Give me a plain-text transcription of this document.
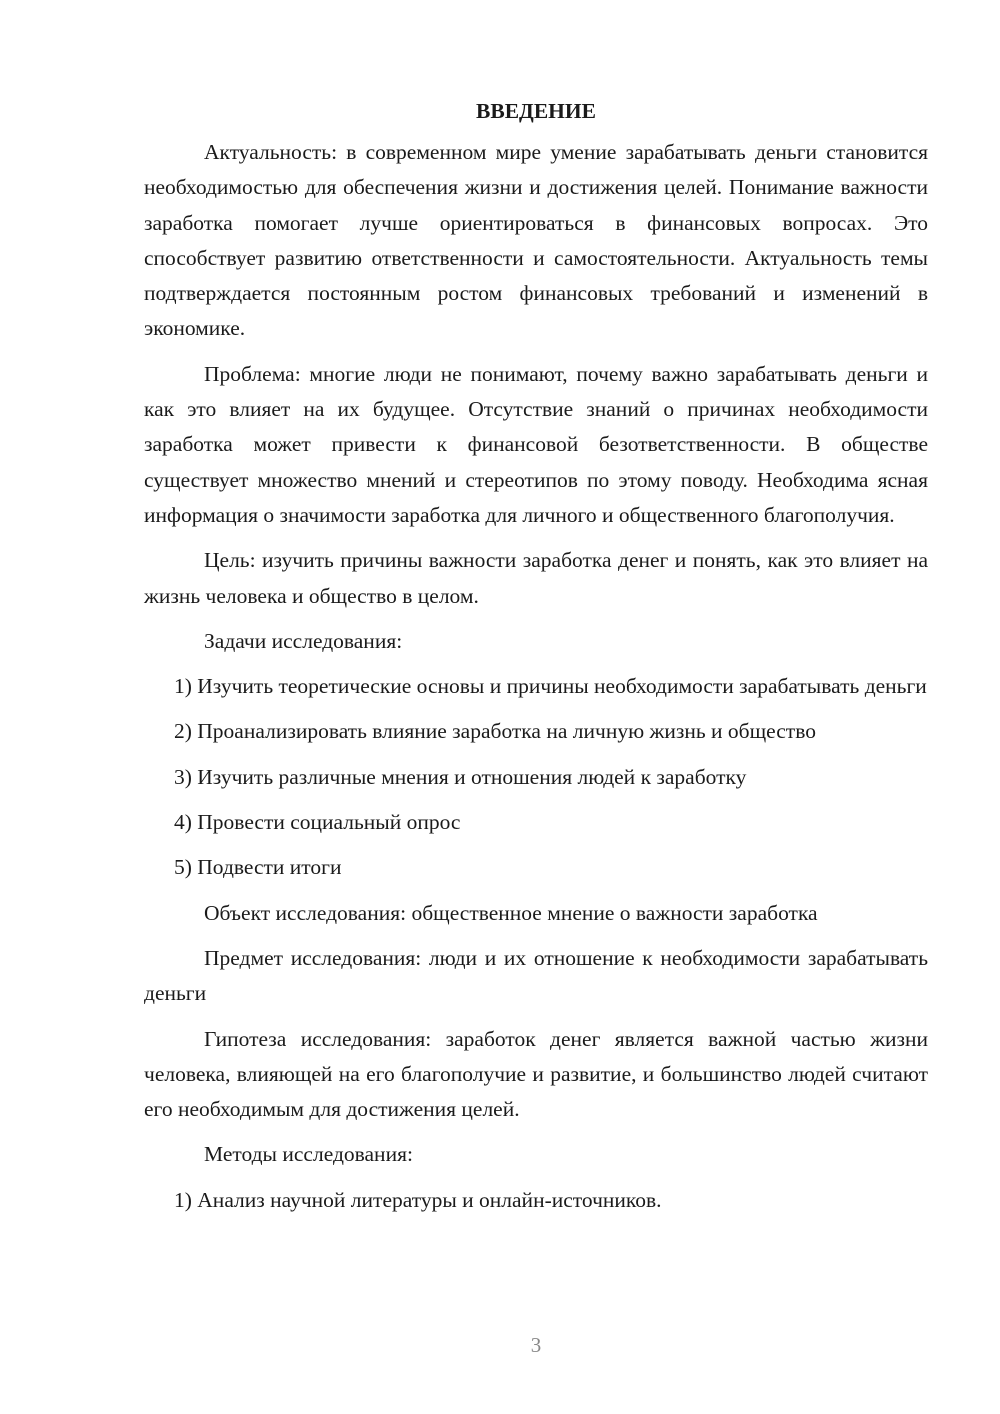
ВВЕДЕНИЕ

Актуальность: в современном мире умение зарабатывать деньги становится необходимостью для обеспечения жизни и достижения целей. Понимание важности заработка помогает лучше ориентироваться в финансовых вопросах. Это способствует развитию ответственности и самостоятельности. Актуальность темы подтверждается постоянным ростом финансовых требований и изменений в экономике.

Проблема: многие люди не понимают, почему важно зарабатывать деньги и как это влияет на их будущее. Отсутствие знаний о причинах необходимости заработка может привести к финансовой безответственности. В обществе существует множество мнений и стереотипов по этому поводу. Необходима ясная информация о значимости заработка для личного и общественного благополучия.

Цель: изучить причины важности заработка денег и понять, как это влияет на жизнь человека и общество в целом.

Задачи исследования:

1) Изучить теоретические основы и причины необходимости зарабатывать деньги

2) Проанализировать влияние заработка на личную жизнь и общество

3) Изучить различные мнения и отношения людей к заработку

4) Провести социальный опрос

5) Подвести итоги

Объект исследования: общественное мнение о важности заработка

Предмет исследования: люди и их отношение к необходимости зарабатывать деньги

Гипотеза исследования: заработок денег является важной частью жизни человека, влияющей на его благополучие и развитие, и большинство людей считают его необходимым для достижения целей.

Методы исследования:

1) Анализ научной литературы и онлайн-источников.

3
